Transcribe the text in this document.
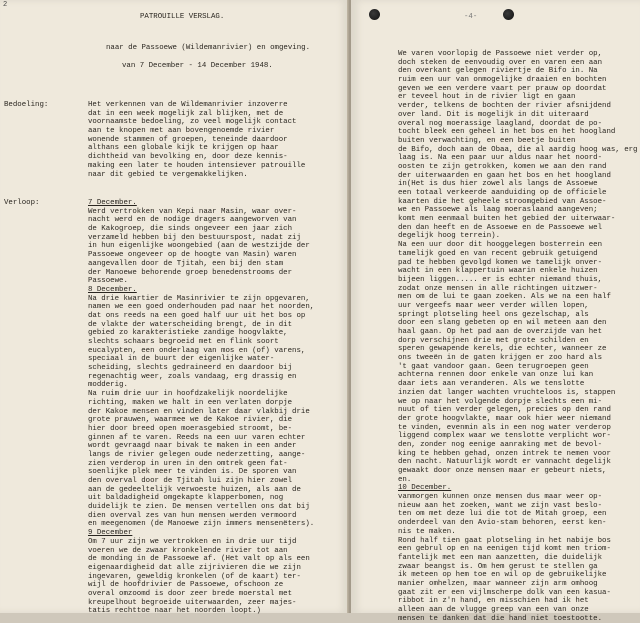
2
PATROUILLE VERSLAG.
naar de Passoewe (Wildemanrivier) en omgeving.
van 7 December - 14 December 1948.
Bedoeling:	Het verkennen van de Wildemanrivier inzoverre
dat in een week mogelijk zal blijken, met de
voornaamste bedoeling, zo veel mogelijk contact
aan te knopen met aan bovengenoemde rivier
wonende stammen of groepen, teneinde daardoor
althans een globale kijk te krijgen op haar
dichtheid van bevolking en, door deze kennis-
making een later te houden intensiever patrouille
naar dit gebied te vergemakkelijken.
Verloop:	7 December.
Werd vertrokken van Kepi naar Masin, waar over-
nacht werd en de nodige dragers aangeworven van
de Kakogroep, die sinds ongeveer een jaar zich
verzameld hebben bij den bestuurspost, nadat zij
in hun eigenlijke woongebied (aan de westzijde der
Passoewe ongeveer op de hoogte van Masin) waren
aangevallen door de Tjitah, een bij den stam
der Manoewe behorende groep benedenstrooms der
Passoewe.
8 December.
Na drie kwartier de Masinrivier te zijn opgevaren,
namen we een goed onderhouden pad naar het noorden,
dat ons reeds na een goed half uur uit het bos op
de vlakte der waterscheiding brengt, de in dit
gebied zo karakteristieke zandige hoogvlakte,
slechts schaars begroeid met en flink soort
eucalypten, een onderlaag van mos en (of) varens,
speciaal in de buurt der eigenlijke water-
scheiding, slechts gedraineerd en daardoor bij
regenachtig weer, zoals vandaag, erg drassig en
modderig.
Na ruim drie uur in hoofdzakelijk noordelijke
richting, maken we halt in een verlaten dorpje
der Kakoe mensen en vinden later daar vlakbij drie
grote prauwen, waarmee we de Kakoe rivier, die
hier door breed open moerasgebied stroomt, be-
ginnen af te varen. Reeds na een uur varen echter
wordt gevraagd naar bivak te maken in een ander
langs de rivier gelegen oude nederzetting, aange-
zien verderop in uren in den omtrek geen fat-
soenlijke plek meer te vinden is. De sporen van
den overval door de Tjitah lui zijn hier zowel
aan de gedeeltelijk verwoeste huizen, als aan de
uit baldadigheid omgekapte klapperbomen, nog
duidelijk te zien. De mensen vertellen ons dat bij
dien overval zes van hun mensen werden vermoord
en meegenomen (de Manoewe zijn immers mensenëters).
9 December
Om 7 uur zijn we vertrokken en in drie uur tijd
voeren we de zwaar kronkelende rivier tot aan
de monding in de Passoewe af. (Het valt op als een
eigenaardigheid dat alle zijrivieren die we zijn
ingevaren, geweldig kronkelen (of de kaart) ter-
wijl de hoofdrivier de Passoewe, ofschoon ze
overal omzoomd is door zeer brede moerstal met
kreupelhout begroeide uiterwaarden, zeer majes-
tatis rechttoe naar het noorden loopt.)
-4-
We varen voorlopig de Passoewe niet verder op,
doch steken de eenvoudig over en varen een aan
den overkant gelegen riviertje de Bifo in. Na
ruim een uur van onmogelijke draaien en bochten
geven we een verdere vaart per prauw op doordat
er teveel hout in de rivier ligt en gaan
verder, telkens de bochten der rivier afsnijdend
over land. Dit is mogelijk in dit uiteraard
overal nog moerassige laagland, doordat de po-
tocht bleek een geheel in het bos en het hoogland
buiten verwachting, en een beetje buiten
de Bifo, doch aan de Obaa, die al aardig hoog was, erg
laag is. Na een paar uur aldus naar het noord-
oosten te zijn getrokken, komen we aan den rand
der uiterwaarden en gaan het bos en het hoogland
in(Het is dus hier zowel als langs de Assoewe
een totaal verkeerde aanduiding op de officiele
kaarten die het geheele stroomgebied van Assoe-
we en Passoewe als laag moeraslaand aangeven;
komt men eenmaal buiten het gebied der uiterwaar-
den dan heeft en de Assoewe en de Passoewe wel
degelijk hoog terrein).
Na een uur door dit hooggelegen bosterrein een
tamelijk goed en van recent gebruik getuigend
pad te hebben gevolgd komen we tamelijk onver-
wacht in een klappertuin waarin enkele huizen
bijeen liggen..... er is echter niemand thuis,
zodat onze mensen in alle richtingen uitzwer-
men om de lui te gaan zoeken. Als we na een half
uur vergeefs maar weer verder willen lopen,
springt plotseling heel ons gezelschap, als
door een slang gebeten op en wil meteen aan den
haal gaan. Op het pad aan de overzijde van het
dorp verschijnen drie met grote schilden en
speren gewapende kerels, die echter, wanneer ze
ons tweeën in de gaten krijgen er zoo hard als
't gaat vandoor gaan. Geen terugroepen geen
achterna rennen door enkele van onze lui kan
daar iets aan veranderen. Als we tenslotte
inzien dat langer wachten vruchteloos is, stappen
we op naar het volgende dorpje slechts een mi-
nuut of tien verder gelegen, precies op den rand
der grote hoogvlakte, maar ook hier weer niemand
te vinden, evenmin als in een nog water verderop
liggend complex waar we tenslotte verplicht wor-
den, zonder nog eenige aanraking met de bevol-
king te hebben gehad, onzen intrek te nemen voor
den nacht. Natuurlijk wordt er vannacht degelijk
gewaakt door onze mensen maar er gebeurt niets,
en.
10 December.
vanmorgen kunnen onze mensen dus maar weer op-
nieuw aan het zoeken, want we zijn vast beslo-
ten om met deze lui die tot de Mitah groep, een
onderdeel van den Avio-stam behoren, eerst ken-
nis te maken.
Rond half tien gaat plotseling in het nabije bos
een gebrul op en na eenigen tijd komt men triom-
fantelijk met een man aanzetten, die duidelijk
zwaar beangst is. Om hem gerust te stellen ga
ik meteen op hem toe en wil op de gebruikelijke
manier omhelzen, maar wanneer zijn arm omhoog
gaat zit er een vijlmscherpe dolk van een kasua-
ribbot in z'n hand, en misschien had ik het
alleen aan de vlugge greep van een van onze
mensen te danken dat die hand niet toestootte.
